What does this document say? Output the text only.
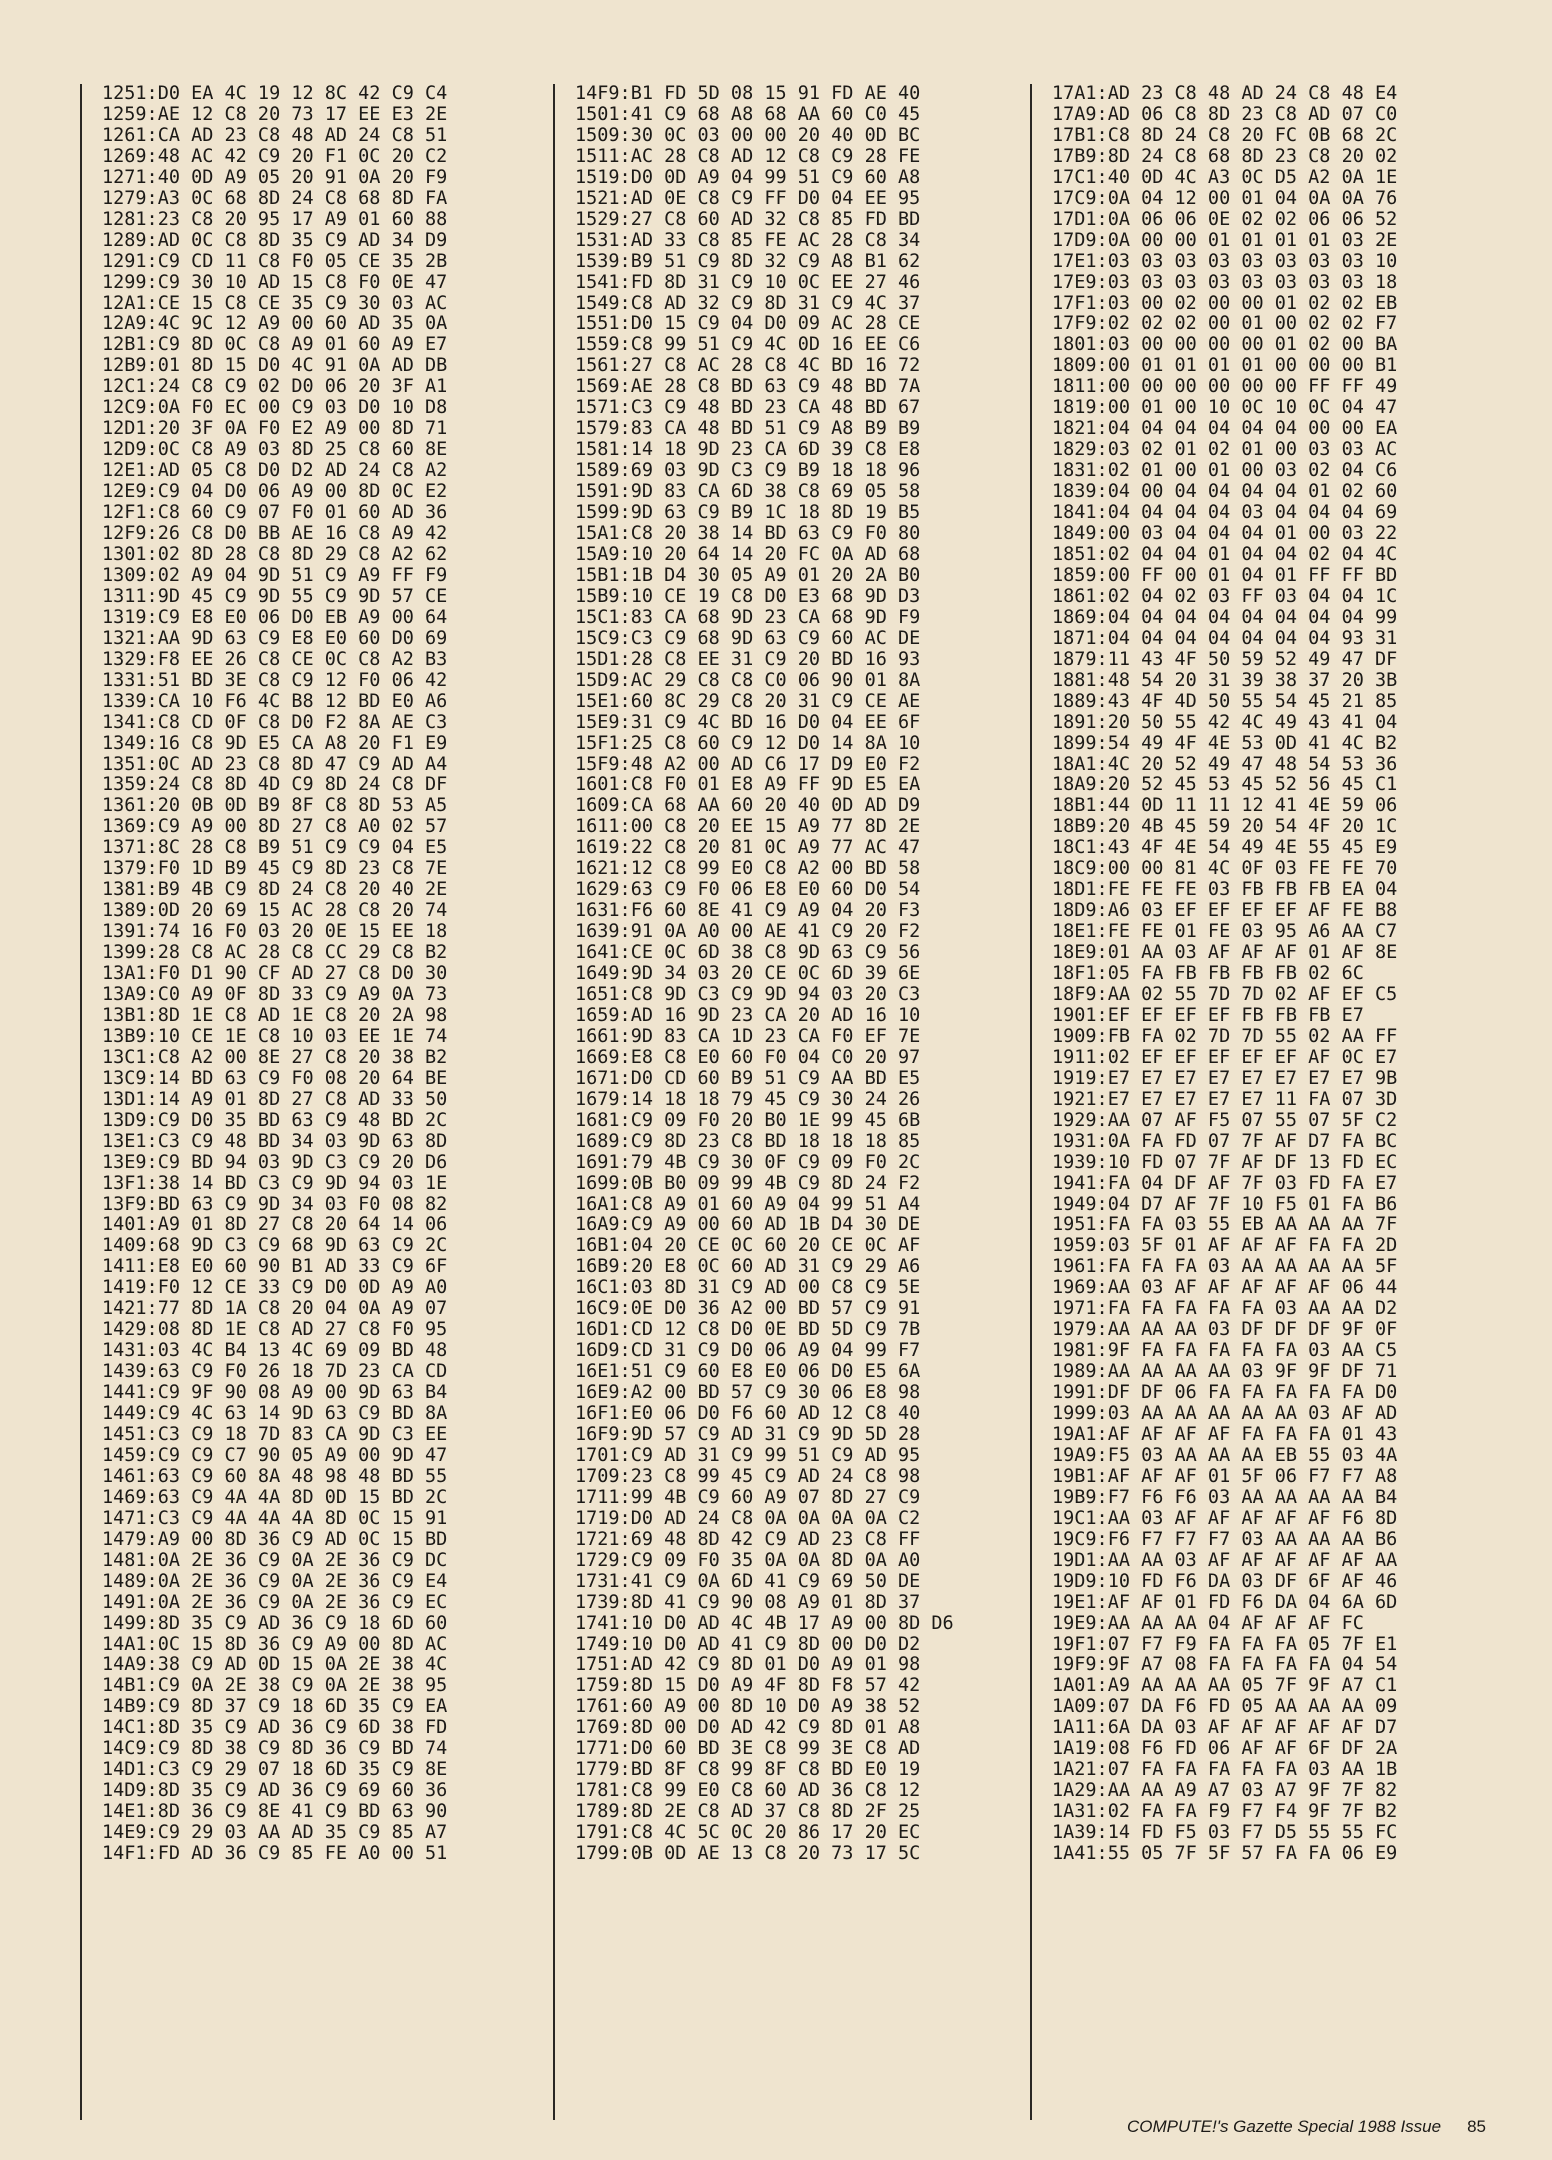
1251:D0 EA 4C 19 12 8C 42 C9 C4
1259:AE 12 C8 20 73 17 EE E3 2E
1261:CA AD 23 C8 48 AD 24 C8 51
1269:48 AC 42 C9 20 F1 0C 20 C2
1271:40 0D A9 05 20 91 0A 20 F9
1279:A3 0C 68 8D 24 C8 68 8D FA
1281:23 C8 20 95 17 A9 01 60 88
1289:AD 0C C8 8D 35 C9 AD 34 D9
1291:C9 CD 11 C8 F0 05 CE 35 2B
1299:C9 30 10 AD 15 C8 F0 0E 47
12A1:CE 15 C8 CE 35 C9 30 03 AC
12A9:4C 9C 12 A9 00 60 AD 35 0A
12B1:C9 8D 0C C8 A9 01 60 A9 E7
12B9:01 8D 15 D0 4C 91 0A AD DB
12C1:24 C8 C9 02 D0 06 20 3F A1
12C9:0A F0 EC 00 C9 03 D0 10 D8
12D1:20 3F 0A F0 E2 A9 00 8D 71
12D9:0C C8 A9 03 8D 25 C8 60 8E
12E1:AD 05 C8 D0 D2 AD 24 C8 A2
12E9:C9 04 D0 06 A9 00 8D 0C E2
12F1:C8 60 C9 07 F0 01 60 AD 36
12F9:26 C8 D0 BB AE 16 C8 A9 42
1301:02 8D 28 C8 8D 29 C8 A2 62
1309:02 A9 04 9D 51 C9 A9 FF F9
1311:9D 45 C9 9D 55 C9 9D 57 CE
1319:C9 E8 E0 06 D0 EB A9 00 64
1321:AA 9D 63 C9 E8 E0 60 D0 69
1329:F8 EE 26 C8 CE 0C C8 A2 B3
1331:51 BD 3E C8 C9 12 F0 06 42
1339:CA 10 F6 4C B8 12 BD E0 A6
1341:C8 CD 0F C8 D0 F2 8A AE C3
1349:16 C8 9D E5 CA A8 20 F1 E9
1351:0C AD 23 C8 8D 47 C9 AD A4
1359:24 C8 8D 4D C9 8D 24 C8 DF
1361:20 0B 0D B9 8F C8 8D 53 A5
1369:C9 A9 00 8D 27 C8 A0 02 57
1371:8C 28 C8 B9 51 C9 C9 04 E5
1379:F0 1D B9 45 C9 8D 23 C8 7E
1381:B9 4B C9 8D 24 C8 20 40 2E
1389:0D 20 69 15 AC 28 C8 20 74
1391:74 16 F0 03 20 0E 15 EE 18
1399:28 C8 AC 28 C8 CC 29 C8 B2
13A1:F0 D1 90 CF AD 27 C8 D0 30
13A9:C0 A9 0F 8D 33 C9 A9 0A 73
13B1:8D 1E C8 AD 1E C8 20 2A 98
13B9:10 CE 1E C8 10 03 EE 1E 74
13C1:C8 A2 00 8E 27 C8 20 38 B2
13C9:14 BD 63 C9 F0 08 20 64 BE
13D1:14 A9 01 8D 27 C8 AD 33 50
13D9:C9 D0 35 BD 63 C9 48 BD 2C
13E1:C3 C9 48 BD 34 03 9D 63 8D
13E9:C9 BD 94 03 9D C3 C9 20 D6
13F1:38 14 BD C3 C9 9D 94 03 1E
13F9:BD 63 C9 9D 34 03 F0 08 82
1401:A9 01 8D 27 C8 20 64 14 06
1409:68 9D C3 C9 68 9D 63 C9 2C
1411:E8 E0 60 90 B1 AD 33 C9 6F
1419:F0 12 CE 33 C9 D0 0D A9 A0
1421:77 8D 1A C8 20 04 0A A9 07
1429:08 8D 1E C8 AD 27 C8 F0 95
1431:03 4C B4 13 4C 69 09 BD 48
1439:63 C9 F0 26 18 7D 23 CA CD
1441:C9 9F 90 08 A9 00 9D 63 B4
1449:C9 4C 63 14 9D 63 C9 BD 8A
1451:C3 C9 18 7D 83 CA 9D C3 EE
1459:C9 C9 C7 90 05 A9 00 9D 47
1461:63 C9 60 8A 48 98 48 BD 55
1469:63 C9 4A 4A 8D 0D 15 BD 2C
1471:C3 C9 4A 4A 4A 8D 0C 15 91
1479:A9 00 8D 36 C9 AD 0C 15 BD
1481:0A 2E 36 C9 0A 2E 36 C9 DC
1489:0A 2E 36 C9 0A 2E 36 C9 E4
1491:0A 2E 36 C9 0A 2E 36 C9 EC
1499:8D 35 C9 AD 36 C9 18 6D 60
14A1:0C 15 8D 36 C9 A9 00 8D AC
14A9:38 C9 AD 0D 15 0A 2E 38 4C
14B1:C9 0A 2E 38 C9 0A 2E 38 95
14B9:C9 8D 37 C9 18 6D 35 C9 EA
14C1:8D 35 C9 AD 36 C9 6D 38 FD
14C9:C9 8D 38 C9 8D 36 C9 BD 74
14D1:C3 C9 29 07 18 6D 35 C9 8E
14D9:8D 35 C9 AD 36 C9 69 60 36
14E1:8D 36 C9 8E 41 C9 BD 63 90
14E9:C9 29 03 AA AD 35 C9 85 A7
14F1:FD AD 36 C9 85 FE A0 00 51
14F9:B1 FD 5D 08 15 91 FD AE 40
1501:41 C9 68 A8 68 AA 60 C0 45
1509:30 0C 03 00 00 20 40 0D BC
1511:AC 28 C8 AD 12 C8 C9 28 FE
1519:D0 0D A9 04 99 51 C9 60 A8
1521:AD 0E C8 C9 FF D0 04 EE 95
1529:27 C8 60 AD 32 C8 85 FD BD
1531:AD 33 C8 85 FE AC 28 C8 34
1539:B9 51 C9 8D 32 C9 A8 B1 62
1541:FD 8D 31 C9 10 0C EE 27 46
1549:C8 AD 32 C9 8D 31 C9 4C 37
1551:D0 15 C9 04 D0 09 AC 28 CE
1559:C8 99 51 C9 4C 0D 16 EE C6
1561:27 C8 AC 28 C8 4C BD 16 72
1569:AE 28 C8 BD 63 C9 48 BD 7A
1571:C3 C9 48 BD 23 CA 48 BD 67
1579:83 CA 48 BD 51 C9 A8 B9 B9
1581:14 18 9D 23 CA 6D 39 C8 E8
1589:69 03 9D C3 C9 B9 18 18 96
1591:9D 83 CA 6D 38 C8 69 05 58
1599:9D 63 C9 B9 1C 18 8D 19 B5
15A1:C8 20 38 14 BD 63 C9 F0 80
15A9:10 20 64 14 20 FC 0A AD 68
15B1:1B D4 30 05 A9 01 20 2A B0
15B9:10 CE 19 C8 D0 E3 68 9D D3
15C1:83 CA 68 9D 23 CA 68 9D F9
15C9:C3 C9 68 9D 63 C9 60 AC DE
15D1:28 C8 EE 31 C9 20 BD 16 93
15D9:AC 29 C8 C8 C0 06 90 01 8A
15E1:60 8C 29 C8 20 31 C9 CE AE
15E9:31 C9 4C BD 16 D0 04 EE 6F
15F1:25 C8 60 C9 12 D0 14 8A 10
15F9:48 A2 00 AD C6 17 D9 E0 F2
1601:C8 F0 01 E8 A9 FF 9D E5 EA
1609:CA 68 AA 60 20 40 0D AD D9
1611:00 C8 20 EE 15 A9 77 8D 2E
1619:22 C8 20 81 0C A9 77 AC 47
1621:12 C8 99 E0 C8 A2 00 BD 58
1629:63 C9 F0 06 E8 E0 60 D0 54
1631:F6 60 8E 41 C9 A9 04 20 F3
1639:91 0A A0 00 AE 41 C9 20 F2
1641:CE 0C 6D 38 C8 9D 63 C9 56
1649:9D 34 03 20 CE 0C 6D 39 6E
1651:C8 9D C3 C9 9D 94 03 20 C3
1659:AD 16 9D 23 CA 20 AD 16 10
1661:9D 83 CA 1D 23 CA F0 EF 7E
1669:E8 C8 E0 60 F0 04 C0 20 97
1671:D0 CD 60 B9 51 C9 AA BD E5
1679:14 18 18 79 45 C9 30 24 26
1681:C9 09 F0 20 B0 1E 99 45 6B
1689:C9 8D 23 C8 BD 18 18 18 85
1691:79 4B C9 30 0F C9 09 F0 2C
1699:0B B0 09 99 4B C9 8D 24 F2
16A1:C8 A9 01 60 A9 04 99 51 A4
16A9:C9 A9 00 60 AD 1B D4 30 DE
16B1:04 20 CE 0C 60 20 CE 0C AF
16B9:20 E8 0C 60 AD 31 C9 29 A6
16C1:03 8D 31 C9 AD 00 C8 C9 5E
16C9:0E D0 36 A2 00 BD 57 C9 91
16D1:CD 12 C8 D0 0E BD 5D C9 7B
16D9:CD 31 C9 D0 06 A9 04 99 F7
16E1:51 C9 60 E8 E0 06 D0 E5 6A
16E9:A2 00 BD 57 C9 30 06 E8 98
16F1:E0 06 D0 F6 60 AD 12 C8 40
16F9:9D 57 C9 AD 31 C9 9D 5D 28
1701:C9 AD 31 C9 99 51 C9 AD 95
1709:23 C8 99 45 C9 AD 24 C8 98
1711:99 4B C9 60 A9 07 8D 27 C9
1719:D0 AD 24 C8 0A 0A 0A 0A C2
1721:69 48 8D 42 C9 AD 23 C8 FF
1729:C9 09 F0 35 0A 0A 8D 0A A0
1731:41 C9 0A 6D 41 C9 69 50 DE
1739:8D 41 C9 90 08 A9 01 8D 37
1741:10 D0 AD 4C 4B 17 A9 00 8D D6
1749:10 D0 AD 41 C9 8D 00 D0 D2
1751:AD 42 C9 8D 01 D0 A9 01 98
1759:8D 15 D0 A9 4F 8D F8 57 42
1761:60 A9 00 8D 10 D0 A9 38 52
1769:8D 00 D0 AD 42 C9 8D 01 A8
1771:D0 60 BD 3E C8 99 3E C8 AD
1779:BD 8F C8 99 8F C8 BD E0 19
1781:C8 99 E0 C8 60 AD 36 C8 12
1789:8D 2E C8 AD 37 C8 8D 2F 25
1791:C8 4C 5C 0C 20 86 17 20 EC
1799:0B 0D AE 13 C8 20 73 17 5C
17A1:AD 23 C8 48 AD 24 C8 48 E4
17A9:AD 06 C8 8D 23 C8 AD 07 C0
17B1:C8 8D 24 C8 20 FC 0B 68 2C
17B9:8D 24 C8 68 8D 23 C8 20 02
17C1:40 0D 4C A3 0C D5 A2 0A 1E
17C9:0A 04 12 00 01 04 0A 0A 76
17D1:0A 06 06 0E 02 02 06 06 52
17D9:0A 00 00 01 01 01 01 03 2E
17E1:03 03 03 03 03 03 03 03 10
17E9:03 03 03 03 03 03 03 03 18
17F1:03 00 02 00 00 01 02 02 EB
17F9:02 02 02 00 01 00 02 02 F7
1801:03 00 00 00 00 01 02 00 BA
1809:00 01 01 01 01 00 00 00 B1
1811:00 00 00 00 00 00 FF FF 49
1819:00 01 00 10 0C 10 0C 04 47
1821:04 04 04 04 04 04 00 00 EA
1829:03 02 01 02 01 00 03 03 AC
1831:02 01 00 01 00 03 02 04 C6
1839:04 00 04 04 04 04 01 02 60
1841:04 04 04 04 03 04 04 04 69
1849:00 03 04 04 04 01 00 03 22
1851:02 04 04 01 04 04 02 04 4C
1859:00 FF 00 01 04 01 FF FF BD
1861:02 04 02 03 FF 03 04 04 1C
1869:04 04 04 04 04 04 04 04 99
1871:04 04 04 04 04 04 04 93 31
1879:11 43 4F 50 59 52 49 47 DF
1881:48 54 20 31 39 38 37 20 3B
1889:43 4F 4D 50 55 54 45 21 85
1891:20 50 55 42 4C 49 43 41 04
1899:54 49 4F 4E 53 0D 41 4C B2
18A1:4C 20 52 49 47 48 54 53 36
18A9:20 52 45 53 45 52 56 45 C1
18B1:44 0D 11 11 12 41 4E 59 06
18B9:20 4B 45 59 20 54 4F 20 1C
18C1:43 4F 4E 54 49 4E 55 45 E9
18C9:00 00 81 4C 0F 03 FE FE 70
18D1:FE FE FE 03 FB FB FB EA 04
18D9:A6 03 EF EF EF EF AF FE B8
18E1:FE FE 01 FE 03 95 A6 AA C7
18E9:01 AA 03 AF AF AF 01 AF 8E
18F1:05 FA FB FB FB FB 02 6C
18F9:AA 02 55 7D 7D 02 AF EF C5
1901:EF EF EF EF FB FB FB E7
1909:FB FA 02 7D 7D 55 02 AA FF
1911:02 EF EF EF EF EF AF 0C E7
1919:E7 E7 E7 E7 E7 E7 E7 E7 9B
1921:E7 E7 E7 E7 E7 11 FA 07 3D
1929:AA 07 AF F5 07 55 07 5F C2
1931:0A FA FD 07 7F AF D7 FA BC
1939:10 FD 07 7F AF DF 13 FD EC
1941:FA 04 DF AF 7F 03 FD FA E7
1949:04 D7 AF 7F 10 F5 01 FA B6
1951:FA FA 03 55 EB AA AA AA 7F
1959:03 5F 01 AF AF AF FA FA 2D
1961:FA FA FA 03 AA AA AA AA 5F
1969:AA 03 AF AF AF AF AF 06 44
1971:FA FA FA FA FA 03 AA AA D2
1979:AA AA AA 03 DF DF DF 9F 0F
1981:9F FA FA FA FA FA 03 AA C5
1989:AA AA AA AA 03 9F 9F DF 71
1991:DF DF 06 FA FA FA FA FA D0
1999:03 AA AA AA AA AA 03 AF AD
19A1:AF AF AF AF FA FA FA 01 43
19A9:F5 03 AA AA AA EB 55 03 4A
19B1:AF AF AF 01 5F 06 F7 F7 A8
19B9:F7 F6 F6 03 AA AA AA AA B4
19C1:AA 03 AF AF AF AF AF F6 8D
19C9:F6 F7 F7 F7 03 AA AA AA B6
19D1:AA AA 03 AF AF AF AF AF AA
19D9:10 FD F6 DA 03 DF 6F AF 46
19E1:AF AF 01 FD F6 DA 04 6A 6D
19E9:AA AA AA 04 AF AF AF FC
19F1:07 F7 F9 FA FA FA 05 7F E1
19F9:9F A7 08 FA FA FA FA 04 54
1A01:A9 AA AA AA 05 7F 9F A7 C1
1A09:07 DA F6 FD 05 AA AA AA 09
1A11:6A DA 03 AF AF AF AF AF D7
1A19:08 F6 FD 06 AF AF 6F DF 2A
1A21:07 FA FA FA FA FA 03 AA 1B
1A29:AA AA A9 A7 03 A7 9F 7F 82
1A31:02 FA FA F9 F7 F4 9F 7F B2
1A39:14 FD F5 03 F7 D5 55 55 FC
1A41:55 05 7F 5F 57 FA FA 06 E9
COMPUTE!'s Gazette Special 1988 Issue 85
